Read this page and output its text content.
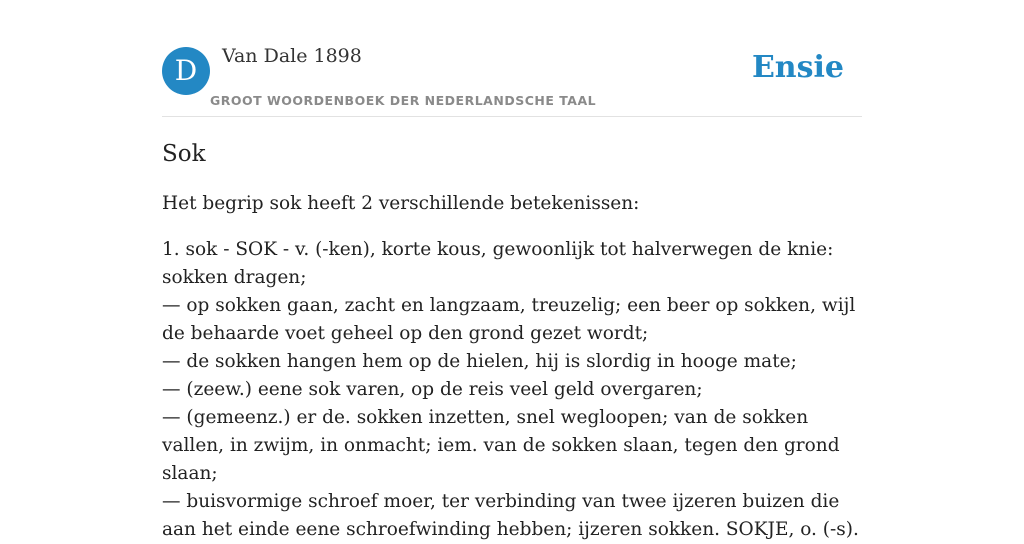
D	Van Dale 1898
GROOT WOORDENBOEK DER NEDERLANDSCHE TAAL
Ensie
Sok

Het begrip sok heeft 2 verschillende betekenissen:

1. sok - SOK - v. (-ken), korte kous, gewoonlijk tot halverwegen de knie: sokken dragen;
— op sokken gaan, zacht en langzaam, treuzelig; een beer op sokken, wijl de behaarde voet geheel op den grond gezet wordt;
— de sokken hangen hem op de hielen, hij is slordig in hooge mate;
— (zeew.) eene sok varen, op de reis veel geld overgaren;
— (gemeenz.) er de. sokken inzetten, snel wegloopen; van de sokken vallen, in zwijm, in onmacht; iem. van de sokken slaan, tegen den grond slaan;
— buisvormige schroef moer, ter verbinding van twee ijzeren buizen die aan het einde eene schroefwinding hebben; ijzeren sokken. SOKJE, o. (-s).
